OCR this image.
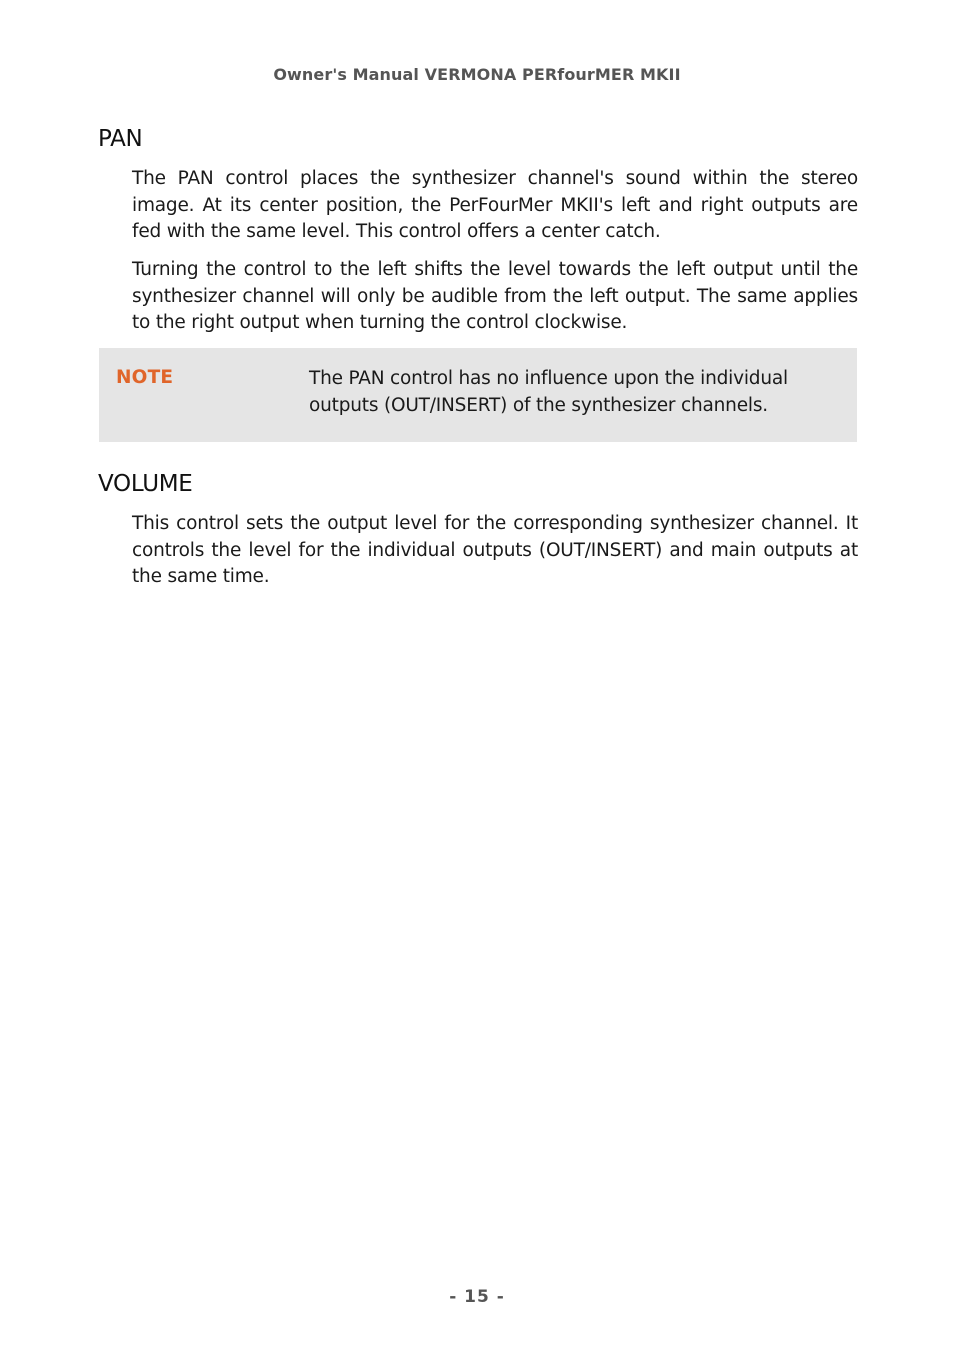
Owner's Manual VERMONA PERfourMER MKII
PAN

The PAN control places the synthesizer channel's sound within the stereo image. At its center position, the PerFourMer MKII's left and right outputs are fed with the same level. This control offers a center catch.

Turning the control to the left shifts the level towards the left output until the synthesizer channel will only be audible from the left output. The same applies to the right output when turning the control clockwise.

NOTE	The PAN control has no influence upon the individual outputs (OUT/INSERT) of the synthesizer channels.

VOLUME

This control sets the output level for the corresponding synthesizer channel. It controls the level for the individual outputs (OUT/INSERT) and main outputs at the same time.

- 15 -
